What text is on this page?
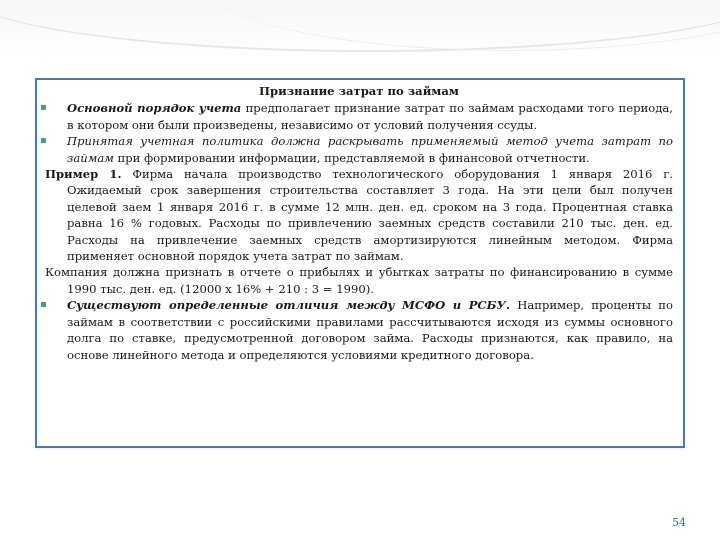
Признание затрат по займам

Основной порядок учета предполагает признание затрат по займам расходами того периода, в котором они были произведены, независимо от условий получения ссуды.

Принятая учетная политика должна раскрывать применяемый метод учета затрат по займам при формировании информации, представляемой в финансовой отчетности.

Пример 1. Фирма начала производство технологического оборудования 1 января 2016 г. Ожидаемый срок завершения строительства составляет 3 года. На эти цели был получен целевой заем 1 января 2016 г. в сумме 12 млн. ден. ед. сроком на 3 года. Процентная ставка равна 16 % годовых. Расходы по привлечению заемных средств составили 210 тыс. ден. ед. Расходы на привлечение заемных средств амортизируются линейным методом. Фирма применяет основной порядок учета затрат по займам.

Компания должна признать в отчете о прибылях и убытках затраты по финансированию в сумме 1990 тыс. ден. ед. (12000 х 16% + 210 : 3 = 1990).

Существуют определенные отличия между МСФО и РСБУ. Например, проценты по займам в соответствии с российскими правилами рассчитываются исходя из суммы основного долга по ставке, предусмотренной договором займа. Расходы признаются, как правило, на основе линейного метода и определяются условиями кредитного договора.

54
